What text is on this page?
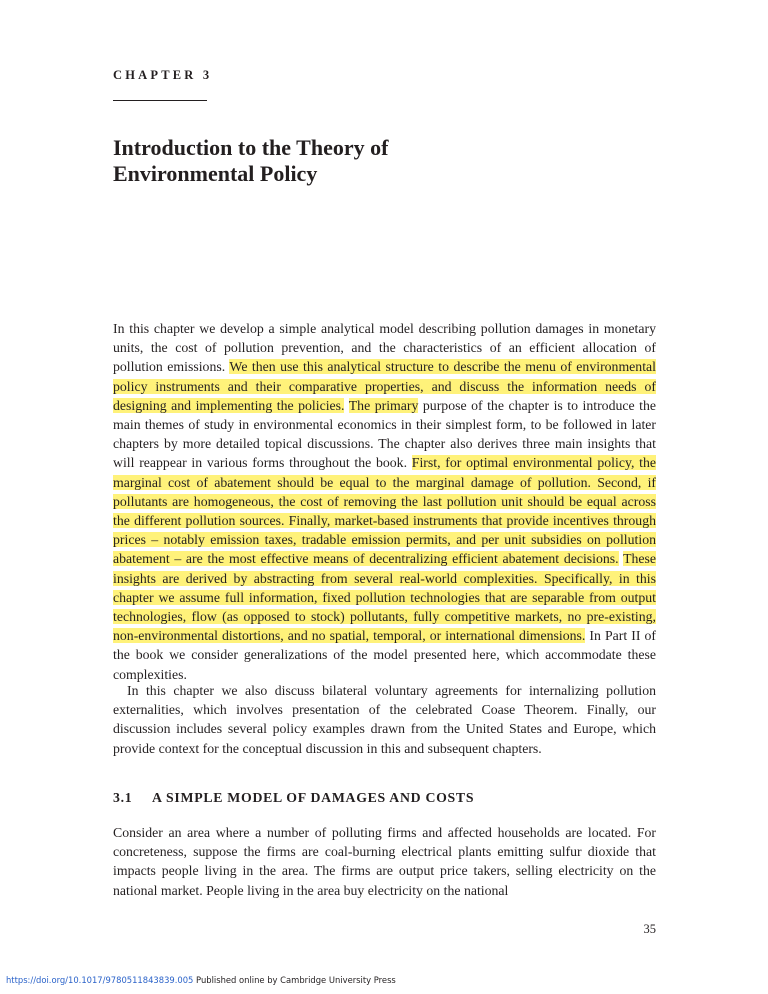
CHAPTER 3
Introduction to the Theory of
Environmental Policy

In this chapter we develop a simple analytical model describing pollution damages in monetary units, the cost of pollution prevention, and the characteristics of an efficient allocation of pollution emissions. We then use this analytical structure to describe the menu of environmental policy instruments and their comparative properties, and discuss the information needs of designing and implementing the policies. The primary purpose of the chapter is to introduce the main themes of study in environmental economics in their simplest form, to be followed in later chapters by more detailed topical discussions. The chapter also derives three main insights that will reappear in various forms throughout the book. First, for optimal environmental policy, the marginal cost of abatement should be equal to the marginal damage of pollution. Second, if pollutants are homogeneous, the cost of removing the last pollution unit should be equal across the different pollution sources. Finally, market-based instruments that provide incentives through prices – notably emission taxes, tradable emission permits, and per unit subsidies on pollution abatement – are the most effective means of decentralizing efficient abatement decisions. These insights are derived by abstracting from several real-world complexities. Specifically, in this chapter we assume full information, fixed pollution technologies that are separable from output technologies, flow (as opposed to stock) pollutants, fully competitive markets, no pre-existing, non-environmental distortions, and no spatial, temporal, or international dimensions. In Part II of the book we consider generalizations of the model presented here, which accommodate these complexities.

In this chapter we also discuss bilateral voluntary agreements for internalizing pollution externalities, which involves presentation of the celebrated Coase Theorem. Finally, our discussion includes several policy examples drawn from the United States and Europe, which provide context for the conceptual discussion in this and subsequent chapters.

3.1 A SIMPLE MODEL OF DAMAGES AND COSTS

Consider an area where a number of polluting firms and affected households are located. For concreteness, suppose the firms are coal-burning electrical plants emitting sulfur dioxide that impacts people living in the area. The firms are output price takers, selling electricity on the national market. People living in the area buy electricity on the national

35
https://doi.org/10.1017/9780511843839.005 Published online by Cambridge University Press
